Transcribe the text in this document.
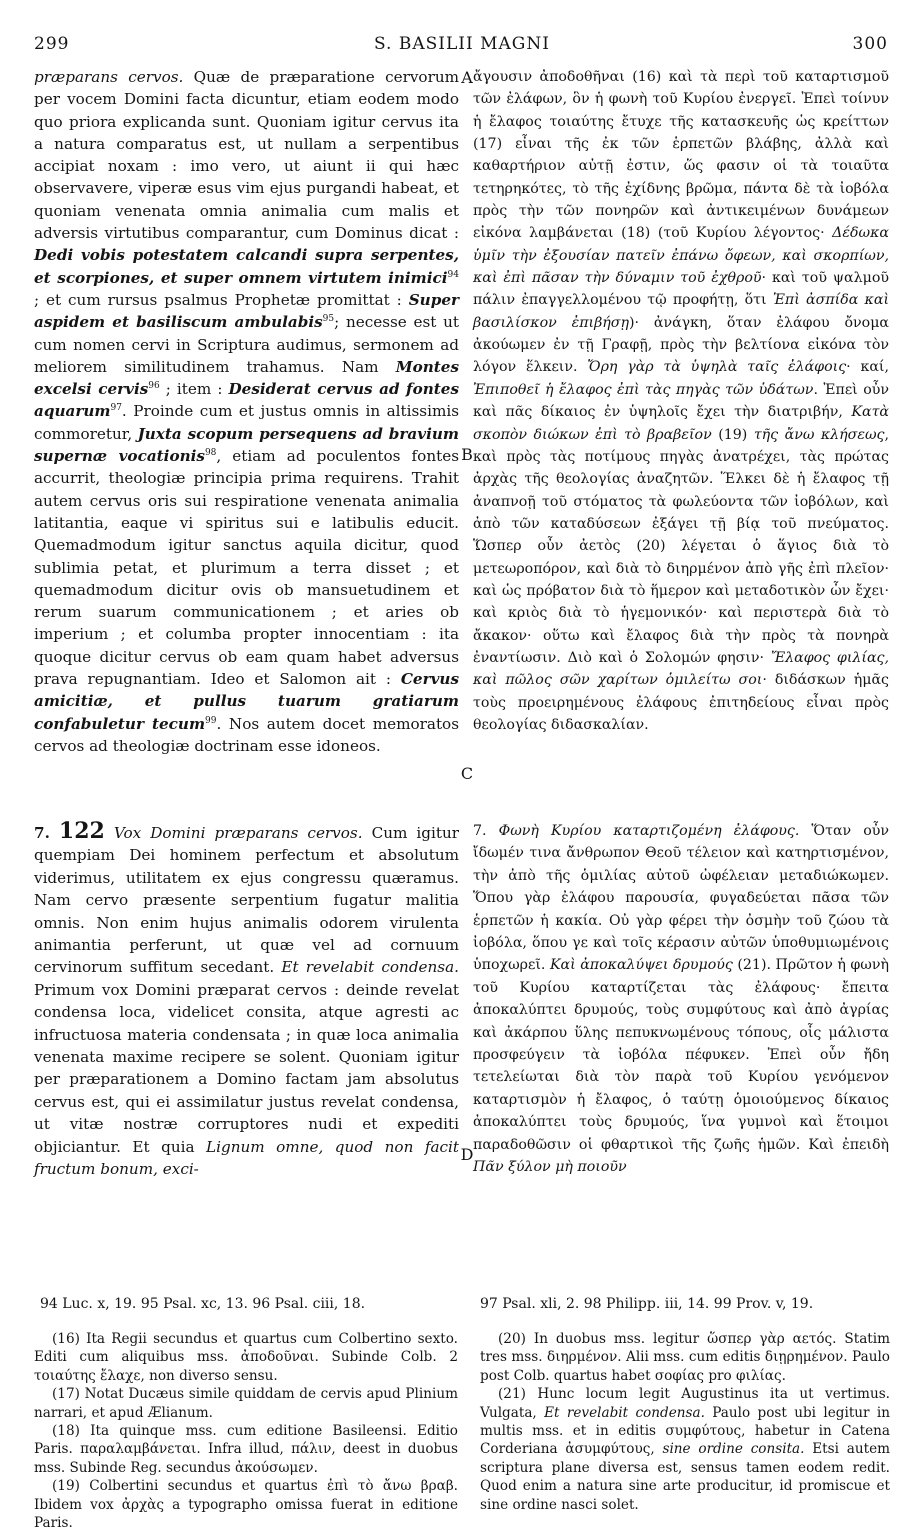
299	S. BASILII MAGNI	300
A
B
C
D

præparans cervos. Quæ de præparatione cervorum per vocem Domini facta dicuntur, etiam eodem modo quo priora explicanda sunt. Quoniam igitur cervus ita a natura comparatus est, ut nullam a serpentibus accipiat noxam : imo vero, ut aiunt ii qui hæc observavere, viperæ esus vim ejus purgandi habeat, et quoniam venenata omnia animalia cum malis et adversis virtutibus comparantur, cum Dominus dicat : Dedi vobis potestatem calcandi supra serpentes, et scorpiones, et super omnem virtutem inimici$^{94}$ ; et cum rursus psalmus Prophetæ promittat : Super aspidem et basiliscum ambulabis$^{95}$; necesse est ut cum nomen cervi in Scriptura audimus, sermonem ad meliorem similitudinem trahamus. Nam Montes excelsi cervis$^{96}$ ; item : Desiderat cervus ad fontes aquarum$^{97}$. Proinde cum et justus omnis in altissimis commoretur, Juxta scopum persequens ad bravium supernæ vocationis$^{98}$, etiam ad poculentos fontes accurrit, theologiæ principia prima requirens. Trahit autem cervus oris sui respiratione venenata animalia latitantia, eaque vi spiritus sui e latibulis educit. Quemadmodum igitur sanctus aquila dicitur, quod sublimia petat, et plurimum a terra disset ; et quemadmodum dicitur ovis ob mansuetudinem et rerum suarum communicationem ; et aries ob imperium ; et columba propter innocentiam : ita quoque dicitur cervus ob eam quam habet adversus prava repugnantiam. Ideo et Salomon ait : Cervus amicitiæ, et pullus tuarum gratiarum confabuletur tecum$^{99}$. Nos autem docet memoratos cervos ad theologiæ doctrinam esse idoneos.

ἄγουσιν ἀποδοθῆναι (16) καὶ τὰ περὶ τοῦ καταρτισμοῦ τῶν ἐλάφων, ὃν ἡ φωνὴ τοῦ Κυρίου ἐνεργεῖ. Ἐπεὶ τοίνυν ἡ ἔλαφος τοιαύτης ἔτυχε τῆς κατασκευῆς ὡς κρείττων (17) εἶναι τῆς ἐκ τῶν ἑρπετῶν βλάβης, ἀλλὰ καὶ καθαρτήριον αὐτῇ ἐστιν, ὥς φασιν οἱ τὰ τοιαῦτα τετηρηκότες, τὸ τῆς ἐχίδνης βρῶμα, πάντα δὲ τὰ ἰοβόλα πρὸς τὴν τῶν πονηρῶν καὶ ἀντικειμένων δυνάμεων εἰκόνα λαμβάνεται (18) (τοῦ Κυρίου λέγοντος· Δέδωκα ὑμῖν τὴν ἐξουσίαν πατεῖν ἐπάνω ὄφεων, καὶ σκορπίων, καὶ ἐπὶ πᾶσαν τὴν δύναμιν τοῦ ἐχθροῦ· καὶ τοῦ ψαλμοῦ πάλιν ἐπαγγελλομένου τῷ προφήτῃ, ὅτι Ἐπὶ ἀσπίδα καὶ βασιλίσκον ἐπιβήσῃ)· ἀνάγκη, ὅταν ἐλάφου ὄνομα ἀκούωμεν ἐν τῇ Γραφῇ, πρὸς τὴν βελτίονα εἰκόνα τὸν λόγον ἕλκειν. Ὄρη γὰρ τὰ ὑψηλὰ ταῖς ἐλάφοις· καί, Ἐπιποθεῖ ἡ ἔλαφος ἐπὶ τὰς πηγὰς τῶν ὑδάτων. Ἐπεὶ οὖν καὶ πᾶς δίκαιος ἐν ὑψηλοῖς ἔχει τὴν διατριβήν, Κατὰ σκοπὸν διώκων ἐπὶ τὸ βραβεῖον (19) τῆς ἄνω κλήσεως, καὶ πρὸς τὰς ποτίμους πηγὰς ἀνατρέχει, τὰς πρώτας ἀρχὰς τῆς θεολογίας ἀναζητῶν. Ἕλκει δὲ ἡ ἔλαφος τῇ ἀναπνοῇ τοῦ στόματος τὰ φωλεύοντα τῶν ἰοβόλων, καὶ ἀπὸ τῶν καταδύσεων ἐξάγει τῇ βίᾳ τοῦ πνεύματος. Ὥσπερ οὖν ἀετὸς (20) λέγεται ὁ ἅγιος διὰ τὸ μετεωροπόρον, καὶ διὰ τὸ διηρμένον ἀπὸ γῆς ἐπὶ πλεῖον· καὶ ὡς πρόβατον διὰ τὸ ἥμερον καὶ μεταδοτικὸν ὧν ἔχει· καὶ κριὸς διὰ τὸ ἡγεμονικόν· καὶ περιστερὰ διὰ τὸ ἄκακον· οὕτω καὶ ἔλαφος διὰ τὴν πρὸς τὰ πονηρὰ ἐναντίωσιν. Διὸ καὶ ὁ Σολομών φησιν· Ἔλαφος φιλίας, καὶ πῶλος σῶν χαρίτων ὁμιλείτω σοι· διδάσκων ἡμᾶς τοὺς προειρημένους ἐλάφους ἐπιτηδείους εἶναι πρὸς θεολογίας διδασκαλίαν.

7. 122 Vox Domini præparans cervos. Cum igitur quempiam Dei hominem perfectum et absolutum viderimus, utilitatem ex ejus congressu quæramus. Nam cervo præsente serpentium fugatur malitia omnis. Non enim hujus animalis odorem virulenta animantia perferunt, ut quæ vel ad cornuum cervinorum suffitum secedant. Et revelabit condensa. Primum vox Domini præparat cervos : deinde revelat condensa loca, videlicet consita, atque agresti ac infructuosa materia condensata ; in quæ loca animalia venenata maxime recipere se solent. Quoniam igitur per præparationem a Domino factam jam absolutus cervus est, qui ei assimilatur justus revelat condensa, ut vitæ nostræ corruptores nudi et expediti objiciantur. Et quia Lignum omne, quod non facit fructum bonum, exci-

7. Φωνὴ Κυρίου καταρτιζομένη ἐλάφους. Ὅταν οὖν ἴδωμέν τινα ἄνθρωπον Θεοῦ τέλειον καὶ κατηρτισμένον, τὴν ἀπὸ τῆς ὁμιλίας αὐτοῦ ὠφέλειαν μεταδιώκωμεν. Ὅπου γὰρ ἐλάφου παρουσία, φυγαδεύεται πᾶσα τῶν ἑρπετῶν ἡ κακία. Οὐ γὰρ φέρει τὴν ὀσμὴν τοῦ ζώου τὰ ἰοβόλα, ὅπου γε καὶ τοῖς κέρασιν αὐτῶν ὑποθυμιωμένοις ὑποχωρεῖ. Καὶ ἀποκαλύψει δρυμούς (21). Πρῶτον ἡ φωνὴ τοῦ Κυρίου καταρτίζεται τὰς ἐλάφους· ἔπειτα ἀποκαλύπτει δρυμούς, τοὺς συμφύτους καὶ ἀπὸ ἀγρίας καὶ ἀκάρπου ὕλης πεπυκνωμένους τόπους, οἷς μάλιστα προσφεύγειν τὰ ἰοβόλα πέφυκεν. Ἐπεὶ οὖν ἤδη τετελείωται διὰ τὸν παρὰ τοῦ Κυρίου γενόμενον καταρτισμὸν ἡ ἔλαφος, ὁ ταύτῃ ὁμοιούμενος δίκαιος ἀποκαλύπτει τοὺς δρυμούς, ἵνα γυμνοὶ καὶ ἕτοιμοι παραδοθῶσιν οἱ φθαρτικοὶ τῆς ζωῆς ἡμῶν. Καὶ ἐπειδὴ Πᾶν ξύλον μὴ ποιοῦν

94 Luc. x, 19. 95 Psal. xc, 13. 96 Psal. ciii, 18.	97 Psal. xli, 2. 98 Philipp. iii, 14. 99 Prov. v, 19.

(16) Ita Regii secundus et quartus cum Colbertino sexto. Editi cum aliquibus mss. ἀποδοῦναι. Subinde Colb. 2 τοιαύτης ἔλαχε, non diverso sensu.

(17) Notat Ducæus simile quiddam de cervis apud Plinium narrari, et apud Ælianum.

(18) Ita quinque mss. cum editione Basileensi. Editio Paris. παραλαμβάνεται. Infra illud, πάλιν, deest in duobus mss. Subinde Reg. secundus ἀκούσωμεν.

(19) Colbertini secundus et quartus ἐπὶ τὸ ἄνω βραβ. Ibidem vox ἀρχὰς a typographo omissa fuerat in editione Paris.

(20) In duobus mss. legitur ὥσπερ γὰρ αετός. Statim tres mss. διηρμένον. Alii mss. cum editis διῃρημένον. Paulo post Colb. quartus habet σοφίας pro φιλίας.

(21) Hunc locum legit Augustinus ita ut vertimus. Vulgata, Et revelabit condensa. Paulo post ubi legitur in multis mss. et in editis συμφύτους, habetur in Catena Corderiana ἀσυμφύτους, sine ordine consita. Etsi autem scriptura plane diversa est, sensus tamen eodem redit. Quod enim a natura sine arte producitur, id promiscue et sine ordine nasci solet.
